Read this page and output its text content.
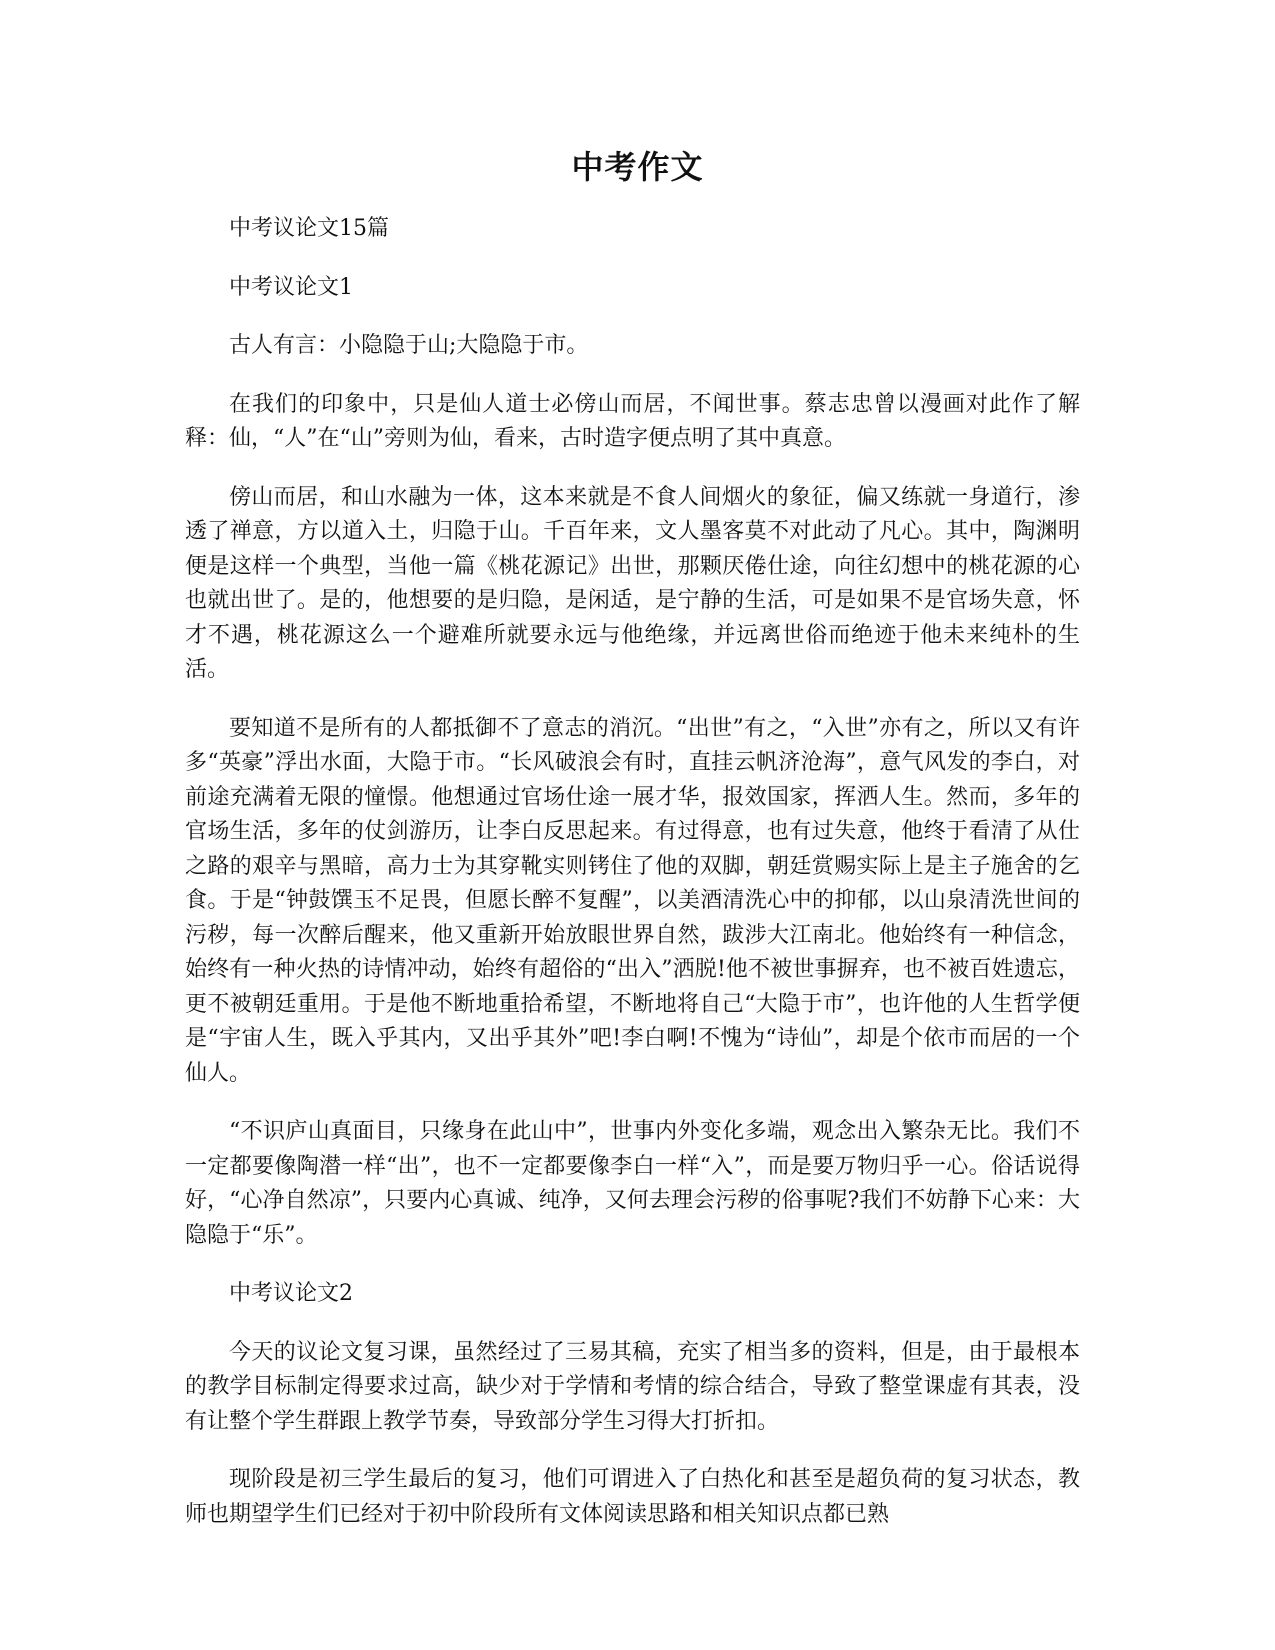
中考作文

中考议论文15篇

中考议论文1

古人有言：小隐隐于山;大隐隐于市。

在我们的印象中，只是仙人道士必傍山而居，不闻世事。蔡志忠曾以漫画对此作了解释：仙，“人”在“山”旁则为仙，看来，古时造字便点明了其中真意。

傍山而居，和山水融为一体，这本来就是不食人间烟火的象征，偏又练就一身道行，渗透了禅意，方以道入土，归隐于山。千百年来，文人墨客莫不对此动了凡心。其中，陶渊明便是这样一个典型，当他一篇《桃花源记》出世，那颗厌倦仕途，向往幻想中的桃花源的心也就出世了。是的，他想要的是归隐，是闲适，是宁静的生活，可是如果不是官场失意，怀才不遇，桃花源这么一个避难所就要永远与他绝缘，并远离世俗而绝迹于他未来纯朴的生活。

要知道不是所有的人都抵御不了意志的消沉。“出世”有之，“入世”亦有之，所以又有许多“英豪”浮出水面，大隐于市。“长风破浪会有时，直挂云帆济沧海”，意气风发的李白，对前途充满着无限的憧憬。他想通过官场仕途一展才华，报效国家，挥洒人生。然而，多年的官场生活，多年的仗剑游历，让李白反思起来。有过得意，也有过失意，他终于看清了从仕之路的艰辛与黑暗，高力士为其穿靴实则铐住了他的双脚，朝廷赏赐实际上是主子施舍的乞食。于是“钟鼓馔玉不足畏，但愿长醉不复醒”，以美酒清洗心中的抑郁，以山泉清洗世间的污秽，每一次醉后醒来，他又重新开始放眼世界自然，跋涉大江南北。他始终有一种信念，始终有一种火热的诗情冲动，始终有超俗的“出入”洒脱!他不被世事摒弃，也不被百姓遗忘，更不被朝廷重用。于是他不断地重拾希望，不断地将自己“大隐于市”，也许他的人生哲学便是“宇宙人生，既入乎其内，又出乎其外”吧!李白啊!不愧为“诗仙”，却是个依市而居的一个仙人。

“不识庐山真面目，只缘身在此山中”，世事内外变化多端，观念出入繁杂无比。我们不一定都要像陶潜一样“出”，也不一定都要像李白一样“入”，而是要万物归乎一心。俗话说得好，“心净自然凉”，只要内心真诚、纯净，又何去理会污秽的俗事呢?我们不妨静下心来：大隐隐于“乐”。

中考议论文2

今天的议论文复习课，虽然经过了三易其稿，充实了相当多的资料，但是，由于最根本的教学目标制定得要求过高，缺少对于学情和考情的综合结合，导致了整堂课虚有其表，没有让整个学生群跟上教学节奏，导致部分学生习得大打折扣。

现阶段是初三学生最后的复习，他们可谓进入了白热化和甚至是超负荷的复习状态，教师也期望学生们已经对于初中阶段所有文体阅读思路和相关知识点都已熟
